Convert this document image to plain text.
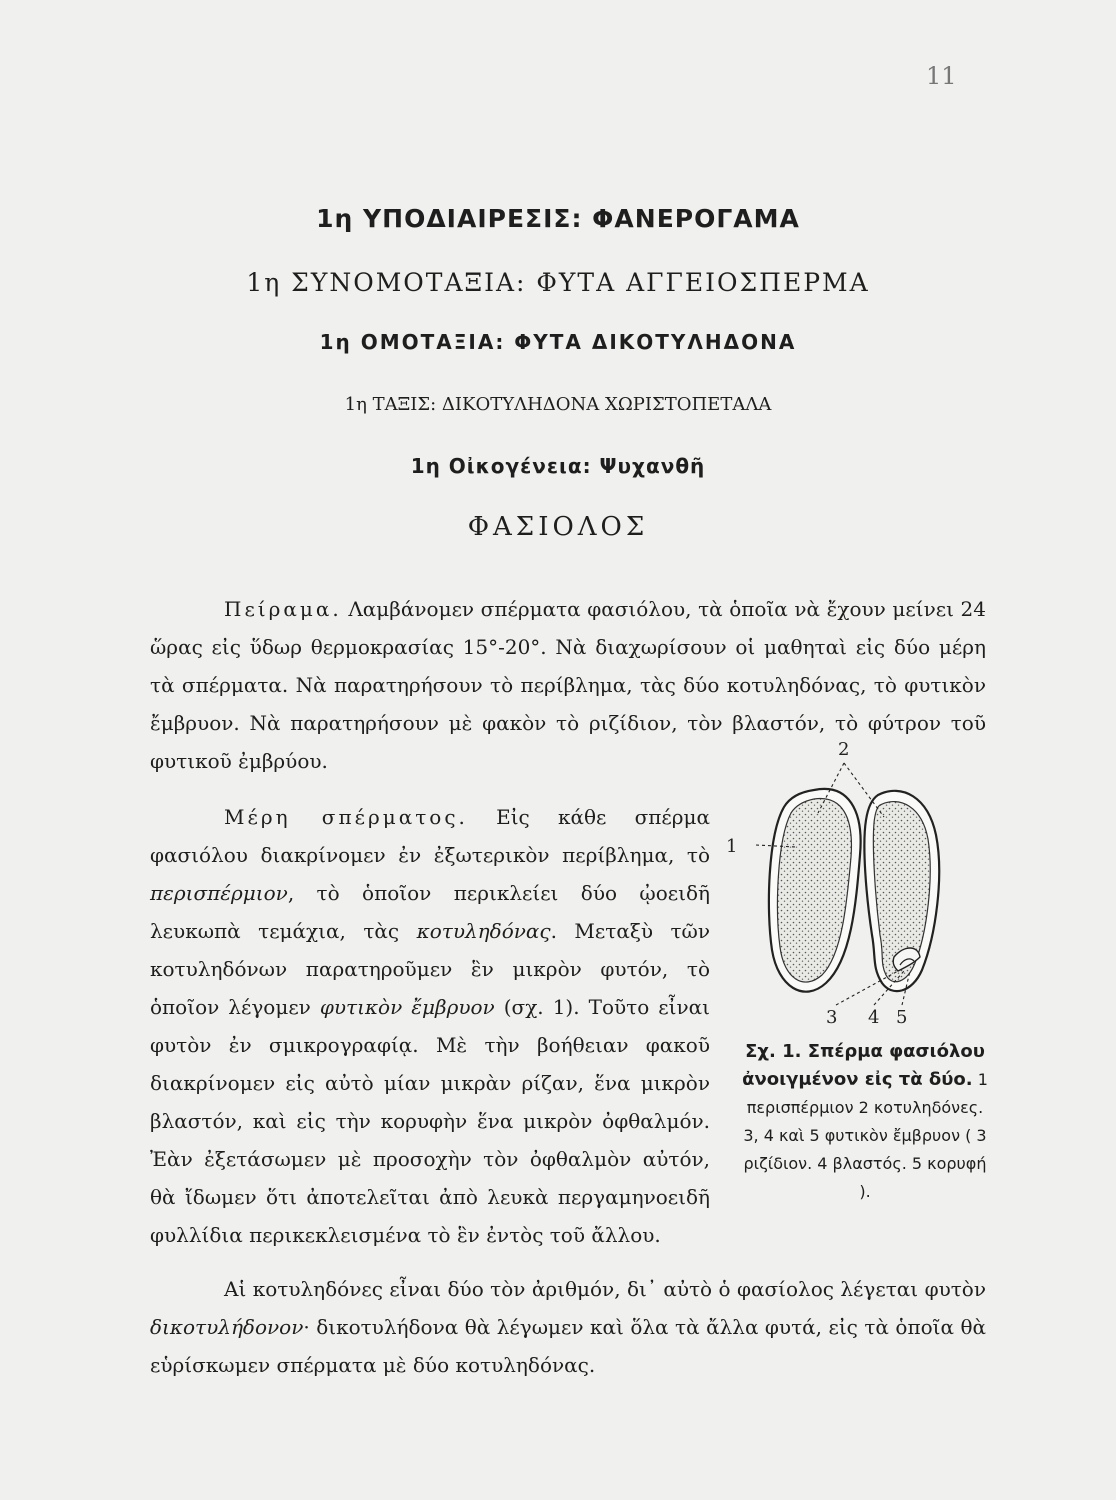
11
1η ΥΠΟΔΙΑΙΡΕΣΙΣ: ΦΑΝΕΡΟΓΑΜΑ
1η ΣΥΝΟΜΟΤΑΞΙΑ: ΦΥΤΑ ΑΓΓΕΙΟΣΠΕΡΜΑ
1η ΟΜΟΤΑΞΙΑ: ΦΥΤΑ ΔΙΚΟΤΥΛΗΔΟΝΑ
1η ΤΑΞΙΣ: ΔΙΚΟΤΥΛΗΔΟΝΑ ΧΩΡΙΣΤΟΠΕΤΑΛΑ
1η Οἰκογένεια: Ψυχανθῆ
ΦΑΣΙΟΛΟΣ

Πείραμα. Λαμβάνομεν σπέρματα φασιόλου, τὰ ὁποῖα νὰ ἔχουν μείνει 24 ὥρας εἰς ὕδωρ θερμοκρασίας 15°-20°. Νὰ διαχωρίσουν οἱ μαθηταὶ εἰς δύο μέρη τὰ σπέρματα. Νὰ παρατηρήσουν τὸ περίβλημα, τὰς δύο κοτυληδόνας, τὸ φυτικὸν ἔμβρυον. Νὰ παρατηρήσουν μὲ φακὸν τὸ ριζίδιον, τὸν βλαστόν, τὸ φύτρον τοῦ φυτικοῦ ἐμβρύου.

Μέρη σπέρματος. Εἰς κάθε σπέρμα φασιόλου διακρίνομεν ἐν ἐξωτερικὸν περίβλημα, τὸ περισπέρμιον, τὸ ὁποῖον περικλείει δύο ᾠοειδῆ λευκωπὰ τεμάχια, τὰς κοτυληδόνας. Μεταξὺ τῶν κοτυληδόνων παρατηροῦμεν ἓν μικρὸν φυτόν, τὸ ὁποῖον λέγομεν φυτικὸν ἔμβρυον (σχ. 1). Τοῦτο εἶναι φυτὸν ἐν σμικρογραφίᾳ. Μὲ τὴν βοήθειαν φακοῦ διακρίνομεν εἰς αὐτὸ μίαν μικρὰν ρίζαν, ἕνα μικρὸν βλαστόν, καὶ εἰς τὴν κορυφὴν ἕνα μικρὸν ὀφθαλμόν. Ἐὰν ἐξετάσωμεν μὲ προσοχὴν τὸν ὀφθαλμὸν αὐτόν, θὰ ἴδωμεν ὅτι ἀποτελεῖται ἀπὸ λευκὰ περγαμηνοειδῆ φυλλίδια περικεκλεισμένα τὸ ἓν ἐντὸς τοῦ ἄλλου.

Αἱ κοτυληδόνες εἶναι δύο τὸν ἀριθμόν, δι᾽ αὐτὸ ὁ φασίολος λέγεται φυτὸν δικοτυλήδονον· δικοτυλήδονα θὰ λέγωμεν καὶ ὅλα τὰ ἄλλα φυτά, εἰς τὰ ὁποῖα θὰ εὑρίσκωμεν σπέρματα μὲ δύο κοτυληδόνας.

1
2
3 4 5
Σχ. 1. Σπέρμα φασιόλου ἀνοιγμένον εἰς τὰ δύο. 1 περισπέρμιον 2 κοτυληδόνες. 3, 4 καὶ 5 φυτικὸν ἔμβρυον ( 3 ριζίδιον. 4 βλαστός. 5 κορυφή ).
